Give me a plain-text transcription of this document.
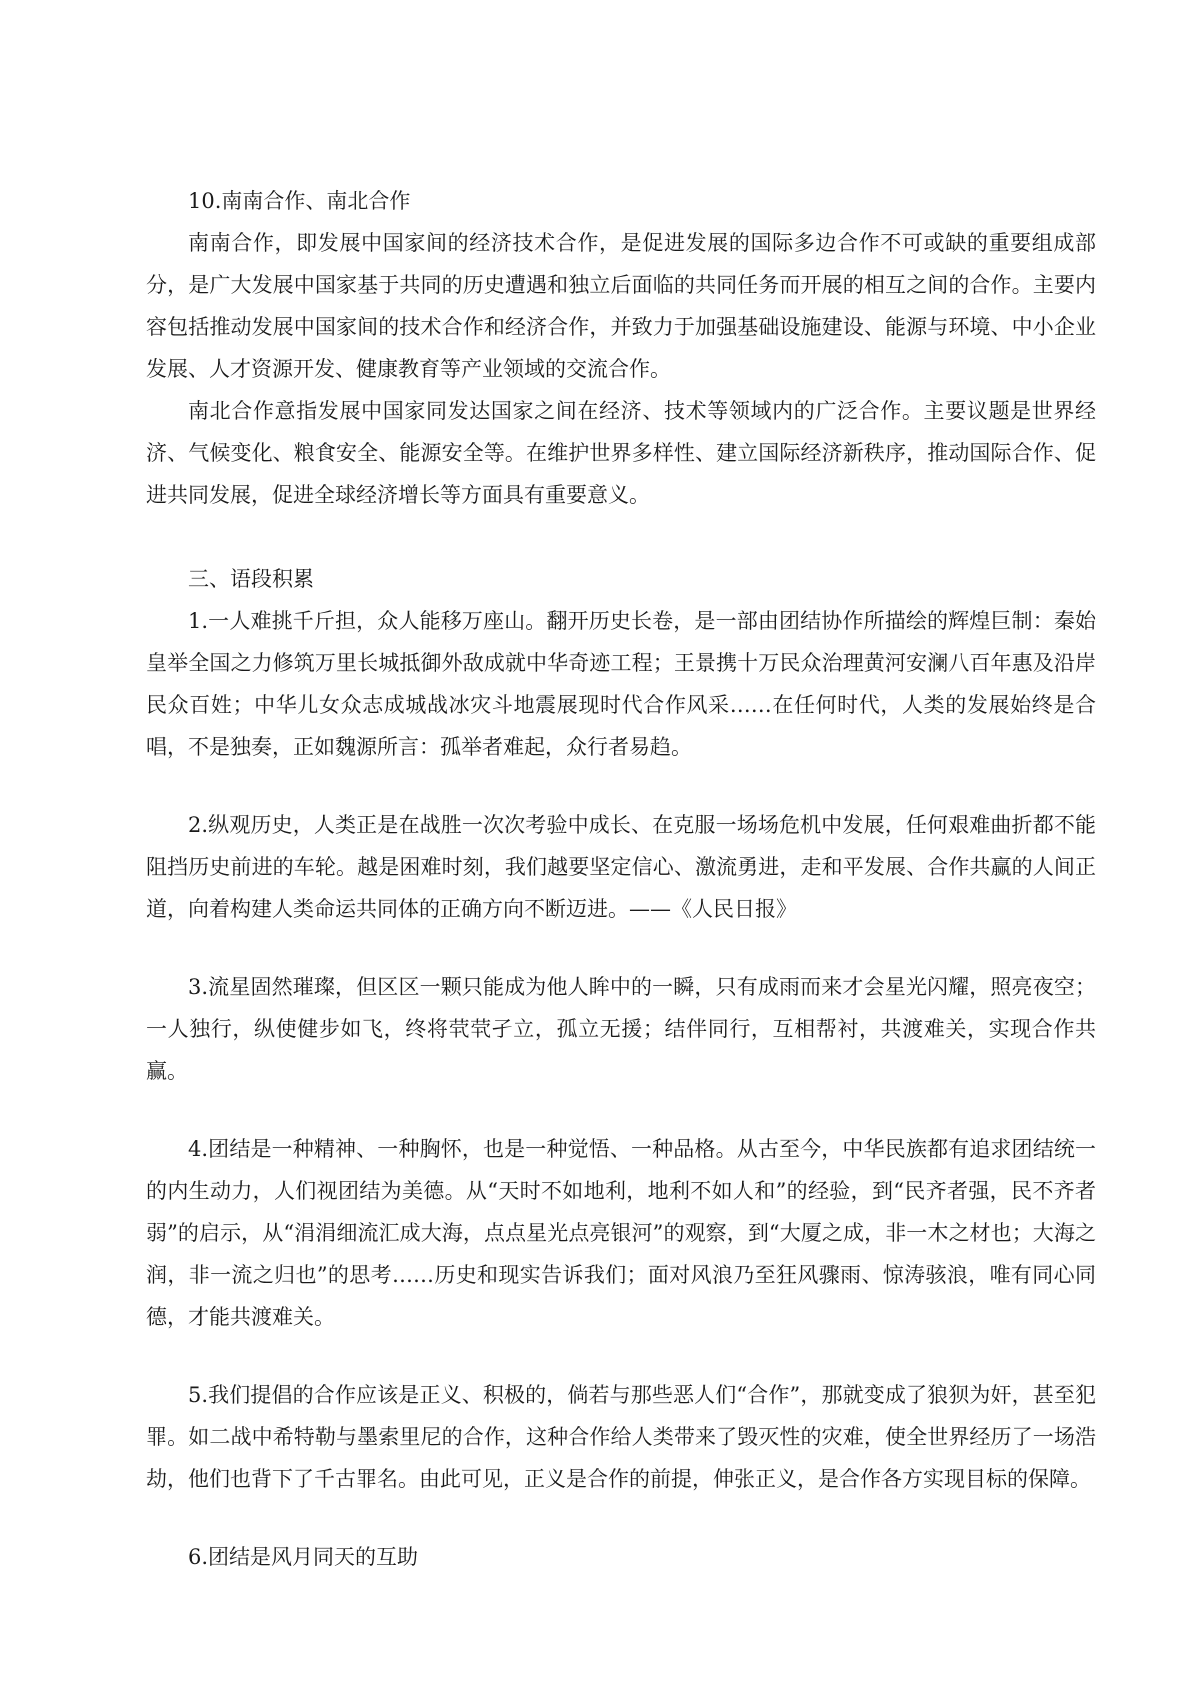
10.南南合作、南北合作

南南合作，即发展中国家间的经济技术合作，是促进发展的国际多边合作不可或缺的重要组成部分，是广大发展中国家基于共同的历史遭遇和独立后面临的共同任务而开展的相互之间的合作。主要内容包括推动发展中国家间的技术合作和经济合作，并致力于加强基础设施建设、能源与环境、中小企业发展、人才资源开发、健康教育等产业领域的交流合作。

南北合作意指发展中国家同发达国家之间在经济、技术等领域内的广泛合作。主要议题是世界经济、气候变化、粮食安全、能源安全等。在维护世界多样性、建立国际经济新秩序，推动国际合作、促进共同发展，促进全球经济增长等方面具有重要意义。

三、语段积累

1.一人难挑千斤担，众人能移万座山。翻开历史长卷，是一部由团结协作所描绘的辉煌巨制：秦始皇举全国之力修筑万里长城抵御外敌成就中华奇迹工程；王景携十万民众治理黄河安澜八百年惠及沿岸民众百姓；中华儿女众志成城战冰灾斗地震展现时代合作风采……在任何时代，人类的发展始终是合唱，不是独奏，正如魏源所言：孤举者难起，众行者易趋。

2.纵观历史，人类正是在战胜一次次考验中成长、在克服一场场危机中发展，任何艰难曲折都不能阻挡历史前进的车轮。越是困难时刻，我们越要坚定信心、激流勇进，走和平发展、合作共赢的人间正道，向着构建人类命运共同体的正确方向不断迈进。——《人民日报》

3.流星固然璀璨，但区区一颗只能成为他人眸中的一瞬，只有成雨而来才会星光闪耀，照亮夜空；一人独行，纵使健步如飞，终将茕茕孑立，孤立无援；结伴同行，互相帮衬，共渡难关，实现合作共赢。

4.团结是一种精神、一种胸怀，也是一种觉悟、一种品格。从古至今，中华民族都有追求团结统一的内生动力，人们视团结为美德。从“天时不如地利，地利不如人和”的经验，到“民齐者强，民不齐者弱”的启示，从“涓涓细流汇成大海，点点星光点亮银河”的观察，到“大厦之成，非一木之材也；大海之润，非一流之归也”的思考……历史和现实告诉我们；面对风浪乃至狂风骤雨、惊涛骇浪，唯有同心同德，才能共渡难关。

5.我们提倡的合作应该是正义、积极的，倘若与那些恶人们“合作”，那就变成了狼狈为奸，甚至犯罪。如二战中希特勒与墨索里尼的合作，这种合作给人类带来了毁灭性的灾难，使全世界经历了一场浩劫，他们也背下了千古罪名。由此可见，正义是合作的前提，伸张正义，是合作各方实现目标的保障。

6.团结是风月同天的互助
